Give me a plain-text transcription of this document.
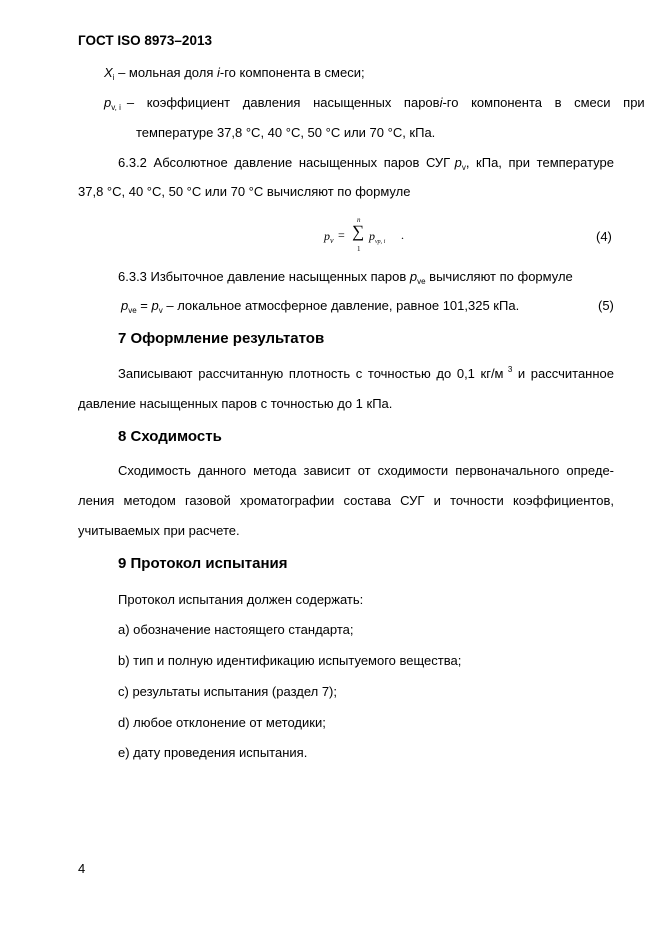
ГОСТ ISO 8973–2013
$X_i$ – мольная доля i-го компонента в смеси;
$p_{v, i}$ – коэффициент давления насыщенных паров i-го компонента в смеси при
температуре 37,8 °С, 40 °С, 50 °С или 70 °С, кПа.
6.3.2 Абсолютное давление насыщенных паров СУГ $p_v$, кПа, при температуре
37,8 °С, 40 °С, 50 °С или 70 °С вычисляют по формуле
$p_v$ =
n
∑
1
$p_{vp, i}$ .	(4)
6.3.3 Избыточное давление насыщенных паров $p_{ve}$ вычисляют по формуле
$p_{ve} = p_v$ – локальное атмосферное давление, равное 101,325 кПа.	(5)
7 Оформление результатов
Записывают рассчитанную плотность с точностью до 0,1 кг/м $^3$ и рассчитанное
давление насыщенных паров с точностью до 1 кПа.
8 Сходимость
Сходимость данного метода зависит от сходимости первоначального опреде-
ления методом газовой хроматографии состава СУГ и точности коэффициентов,
учитываемых при расчете.
9 Протокол испытания
Протокол испытания должен содержать:
a) обозначение настоящего стандарта;
b) тип и полную идентификацию испытуемого вещества;
c) результаты испытания (раздел 7);
d) любое отклонение от методики;
e) дату проведения испытания.
4
